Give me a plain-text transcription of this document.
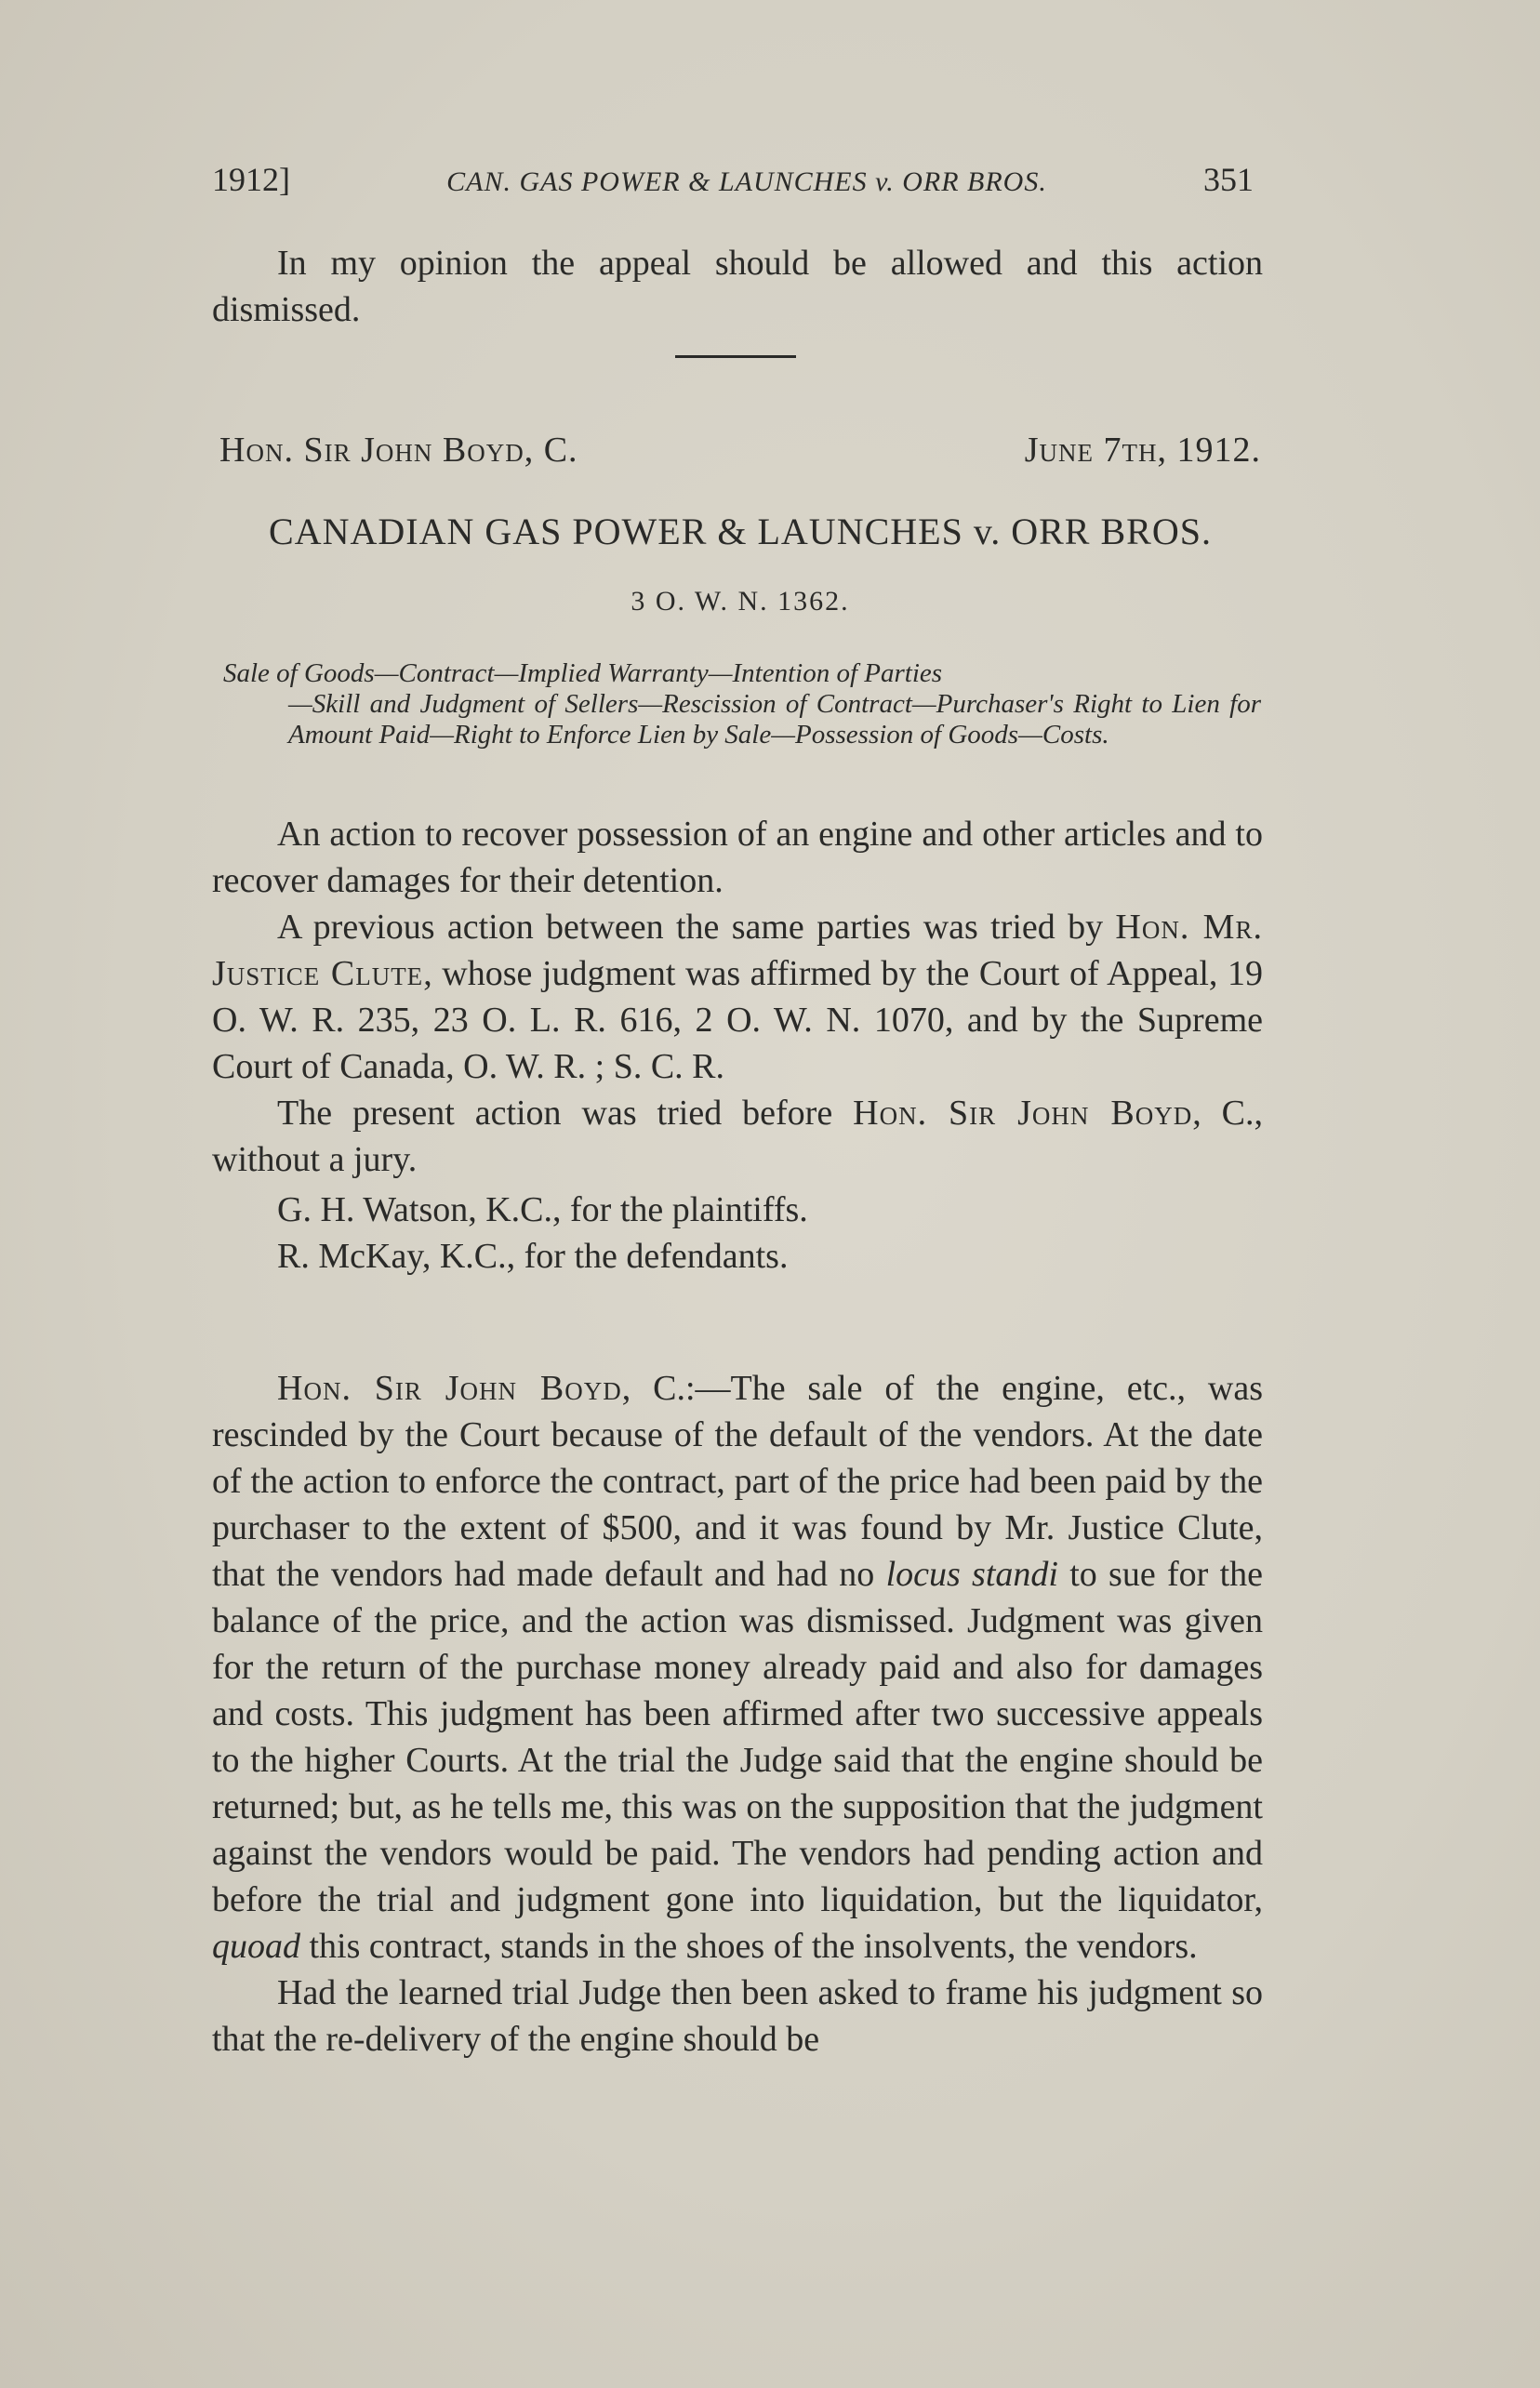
1912]	CAN. GAS POWER & LAUNCHES v. ORR BROS.	351

In my opinion the appeal should be allowed and this action dismissed.

Hon. Sir John Boyd, C.	June 7th, 1912.
CANADIAN GAS POWER & LAUNCHES v. ORR BROS.
3 O. W. N. 1362.

Sale of Goods—Contract—Implied Warranty—Intention of Parties
—Skill and Judgment of Sellers—Rescission of Contract—Purchaser's Right to Lien for Amount Paid—Right to Enforce Lien by Sale—Possession of Goods—Costs.

An action to recover possession of an engine and other articles and to recover damages for their detention.

A previous action between the same parties was tried by Hon. Mr. Justice Clute, whose judgment was affirmed by the Court of Appeal, 19 O. W. R. 235, 23 O. L. R. 616, 2 O. W. N. 1070, and by the Supreme Court of Canada, O. W. R. ; S. C. R.

The present action was tried before Hon. Sir John Boyd, C., without a jury.

G. H. Watson, K.C., for the plaintiffs.

R. McKay, K.C., for the defendants.

Hon. Sir John Boyd, C.:—The sale of the engine, etc., was rescinded by the Court because of the default of the vendors. At the date of the action to enforce the contract, part of the price had been paid by the purchaser to the extent of $500, and it was found by Mr. Justice Clute, that the vendors had made default and had no locus standi to sue for the balance of the price, and the action was dismissed. Judgment was given for the return of the purchase money already paid and also for damages and costs. This judgment has been affirmed after two successive appeals to the higher Courts. At the trial the Judge said that the engine should be returned; but, as he tells me, this was on the supposition that the judgment against the vendors would be paid. The vendors had pending action and before the trial and judgment gone into liquidation, but the liquidator, quoad this contract, stands in the shoes of the insolvents, the vendors.

Had the learned trial Judge then been asked to frame his judgment so that the re-delivery of the engine should be
